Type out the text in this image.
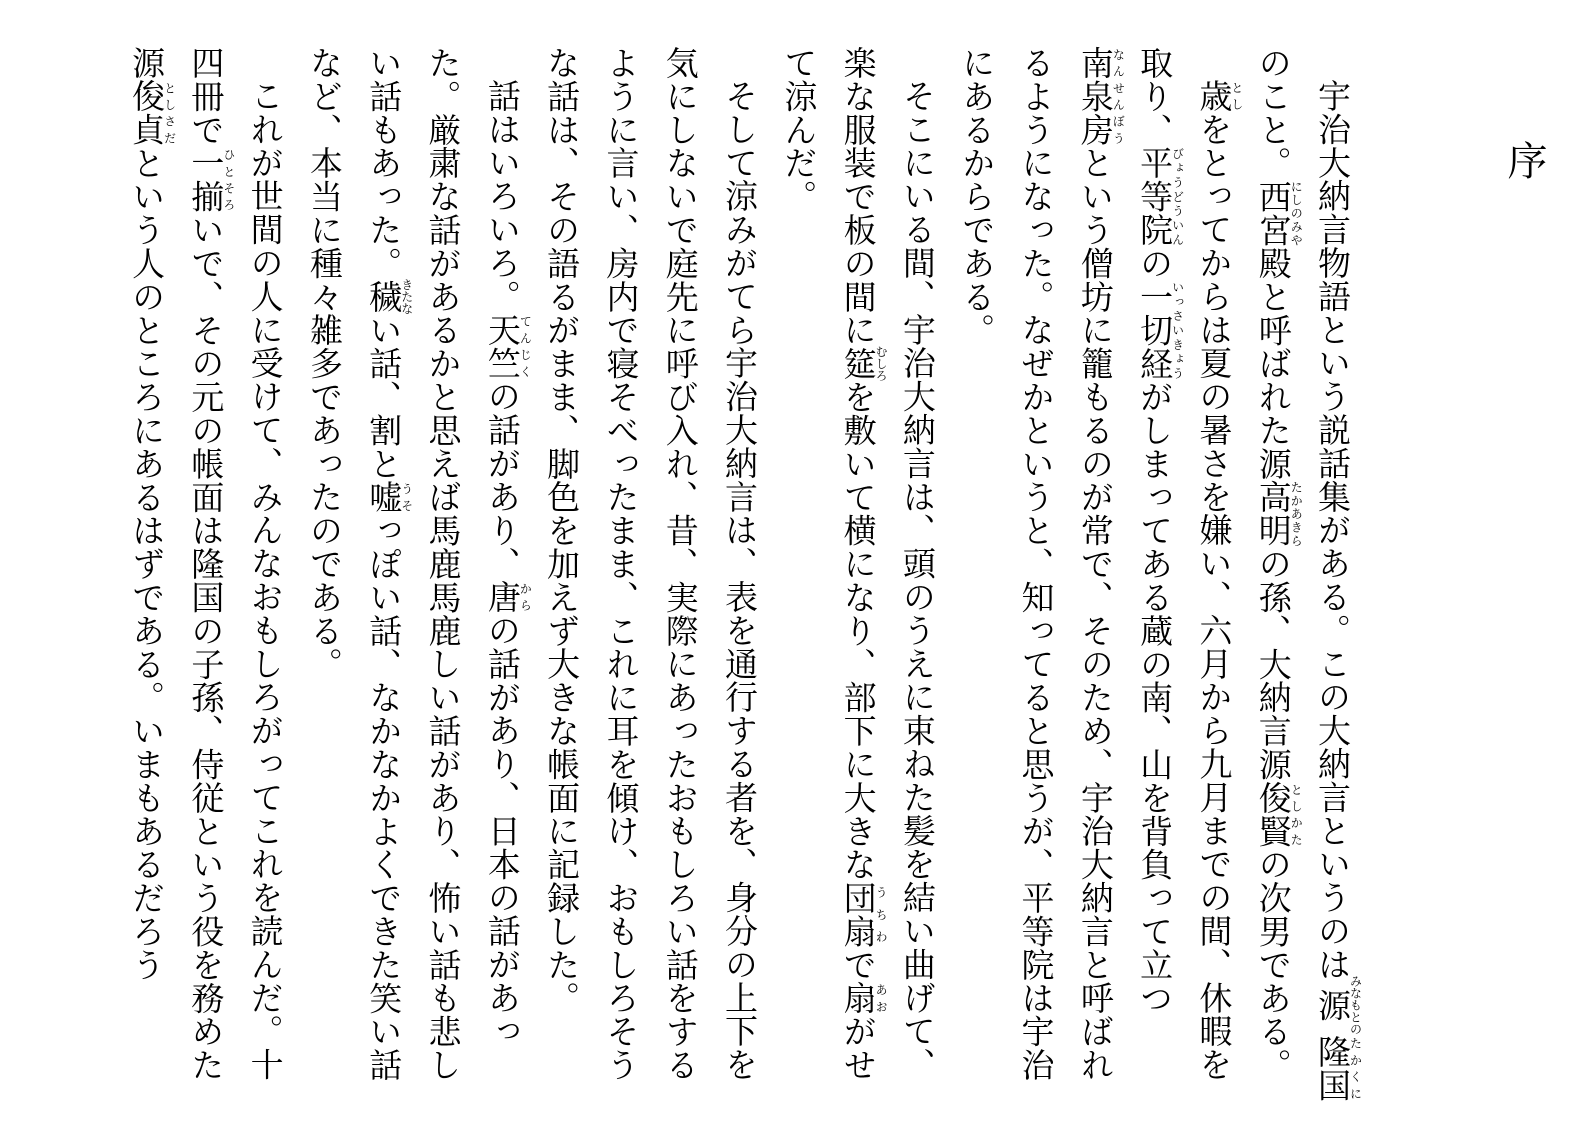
序

宇治大納言物語という説話集がある。この大納言というのは源みなもとの隆国たかくにのこと。西宮にしのみや殿と呼ばれた源高明たかあきらの孫、大納言源俊賢としかたの次男である。

歳としをとってからは夏の暑さを嫌い、六月から九月までの間、休暇を取り、平等院びょうどういんの一切経いっさいきょうがしまってある蔵の南、山を背負って立つ南泉房なんせんぼうという僧坊に籠もるのが常で、そのため、宇治大納言と呼ばれるようになった。なぜかというと、知ってると思うが、平等院は宇治にあるからである。

そこにいる間、宇治大納言は、頭のうえに束ねた髪を結い曲げて、楽な服装で板の間に筵むしろを敷いて横になり、部下に大きな団扇うちわで扇あおがせて涼んだ。

そして涼みがてら宇治大納言は、表を通行する者を、身分の上下を気にしないで庭先に呼び入れ、昔、実際にあったおもしろい話をするように言い、房内で寝そべったまま、これに耳を傾け、おもしろそうな話は、その語るがまま、脚色を加えず大きな帳面に記録した。

話はいろいろ。天竺てんじくの話があり、唐からの話があり、日本の話があった。厳粛な話があるかと思えば馬鹿馬鹿しい話があり、怖い話も悲しい話もあった。穢きたない話、割と嘘うそっぽい話、なかなかよくできた笑い話など、本当に種々雑多であったのである。

これが世間の人に受けて、みんなおもしろがってこれを読んだ。十四冊で一揃ひとそろいで、その元の帳面は隆国の子孫、侍従という役を務めた源俊貞としさだという人のところにあるはずである。いまもあるだろう
